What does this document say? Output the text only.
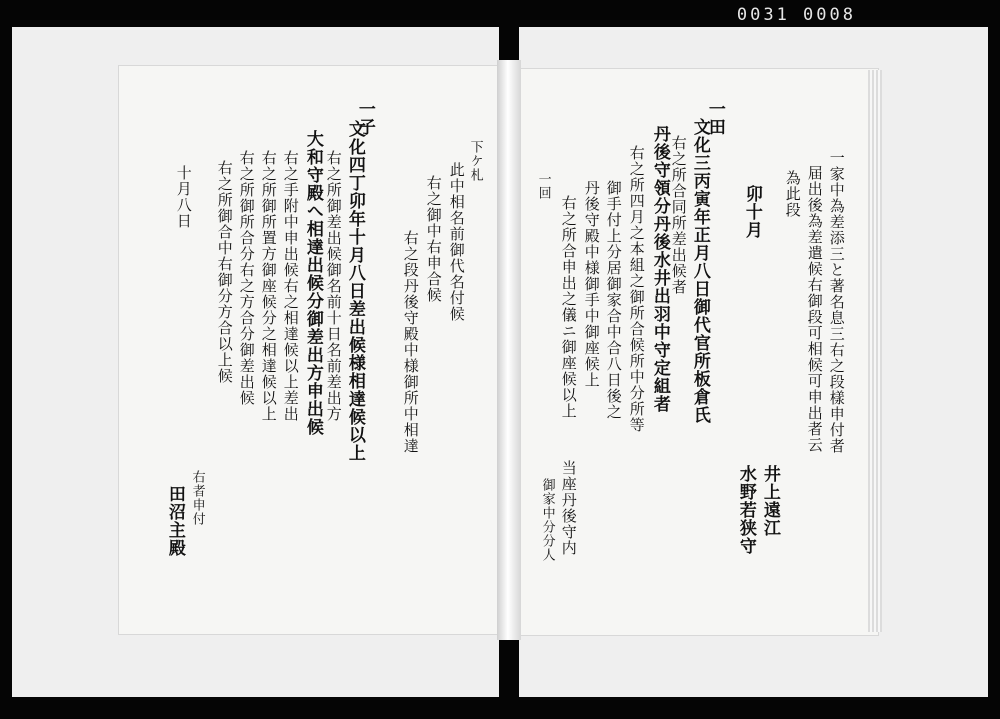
0031 0008
一家中為差添三と著名息三右之段樣申付者
届出後為差遣候右御段可相候可申出者云
為此段
卯十月
一田
文化三丙寅年正月八日御代官所板倉氏
右之所合同所差出候者
丹後守領分丹後水井出羽中守定組者
右之所四月之本組之御所合候所中分所等
御手付上分居御家合中合八日後之
丹後守殿中様御手中御座候上
右之所合申出之儀ニ御座候以上
一回
井上遠江
水野若狭守
当座丹後守内
御家中分分人
一子
文化四丁卯年十月八日差出候様相達候以上
右之所御差出候御名前十日名前差出方
大和守殿へ相達出候分御差出方申出候
右之手附中申出候右之相達候以上差出
右之所御所置方御座候分之相達候以上
右之所御所合分右之方合分御差出候
右之所御合中右御分方合以上候	下ケ札
此中相名前御代名付候
右之御中右申合候
右之段丹後守殿中様御所中相達
十月八日
右者申付
田沼主殿
